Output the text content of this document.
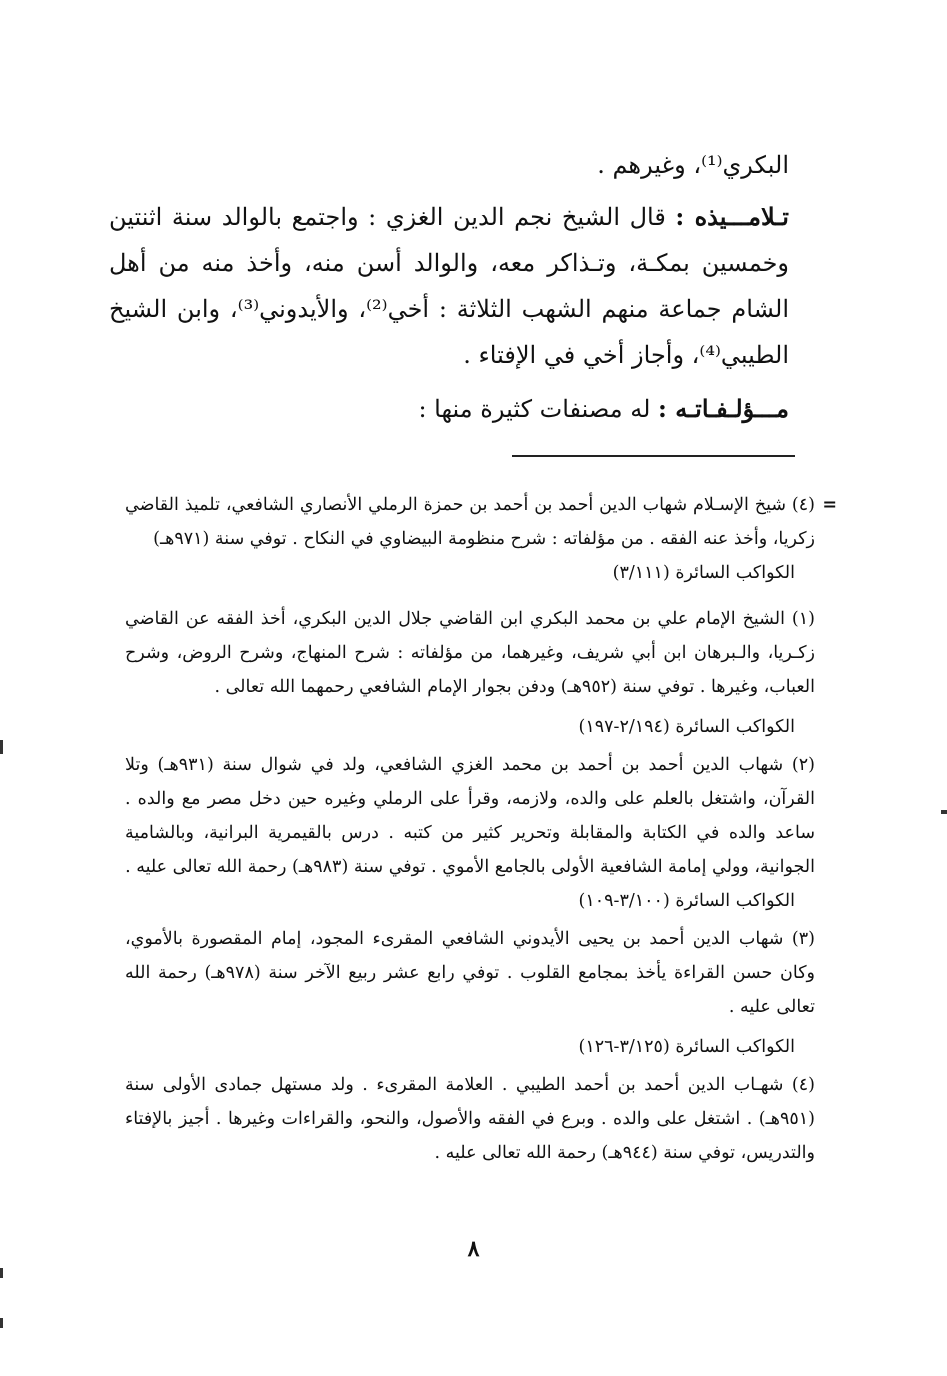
البكري⁽¹⁾، وغيرهم .

تـلامـــيذه : قال الشيخ نجم الدين الغزي : واجتمع بالوالد سنة اثنتين وخمسين بمكـة، وتـذاكر معه، والوالد أسن منه، وأخذ منه من أهل الشام جماعة منهم الشهب الثلاثة : أخي⁽²⁾، والأيدوني⁽³⁾، وابن الشيخ الطيبي⁽⁴⁾، وأجاز أخي في الإفتاء .

مـــؤلـفـاتـه : له مصنفات كثيرة منها :

=
(٤) شيخ الإسـلام شهاب الدين أحمد بن أحمد بن حمزة الرملي الأنصاري الشافعي، تلميذ القاضي زكريا، وأخذ عنه الفقه . من مؤلفاته : شرح منظومة البيضاوي في النكاح . توفي سنة (٩٧١هـ)

الكواكب السائرة (٣/١١١)

(١) الشيخ الإمام علي بن محمد البكري ابن القاضي جلال الدين البكري، أخذ الفقه عن القاضي زكـريا، والـبرهان ابن أبي شريف، وغيرهما، من مؤلفاته : شرح المنهاج، وشرح الروض، وشرح العباب، وغيرها . توفي سنة (٩٥٢هـ) ودفن بجوار الإمام الشافعي رحمهما الله تعالى .

الكواكب السائرة (٢/١٩٤-١٩٧)

(٢) شهاب الدين أحمد بن أحمد بن محمد الغزي الشافعي، ولد في شوال سنة (٩٣١هـ) وتلا القرآن، واشتغل بالعلم على والده، ولازمه، وقرأ على الرملي وغيره حين دخل مصر مع والده . ساعد والده في الكتابة والمقابلة وتحرير كثير من كتبه . درس بالقيمرية البرانية، وبالشامية الجوانية، وولي إمامة الشافعية الأولى بالجامع الأموي . توفي سنة (٩٨٣هـ) رحمة الله تعالى عليه .

الكواكب السائرة (٣/١٠٠-١٠٩)

(٣) شهاب الدين أحمد بن يحيى الأيدوني الشافعي المقرىء المجود، إمام المقصورة بالأموي، وكان حسن القراءة يأخذ بمجامع القلوب . توفي رابع عشر ربيع الآخر سنة (٩٧٨هـ) رحمة الله تعالى عليه .

الكواكب السائرة (٣/١٢٥-١٢٦)

(٤) شهـاب الدين أحمد بن أحمد الطيبي . العلامة المقرىء . ولد مستهل جمادى الأولى سنة (٩٥١هـ) . اشتغل على والده . وبرع في الفقه والأصول، والنحو، والقراءات وغيرها . أجيز بالإفتاء والتدريس، توفي سنة (٩٤٤هـ) رحمة الله تعالى عليه .
٨
